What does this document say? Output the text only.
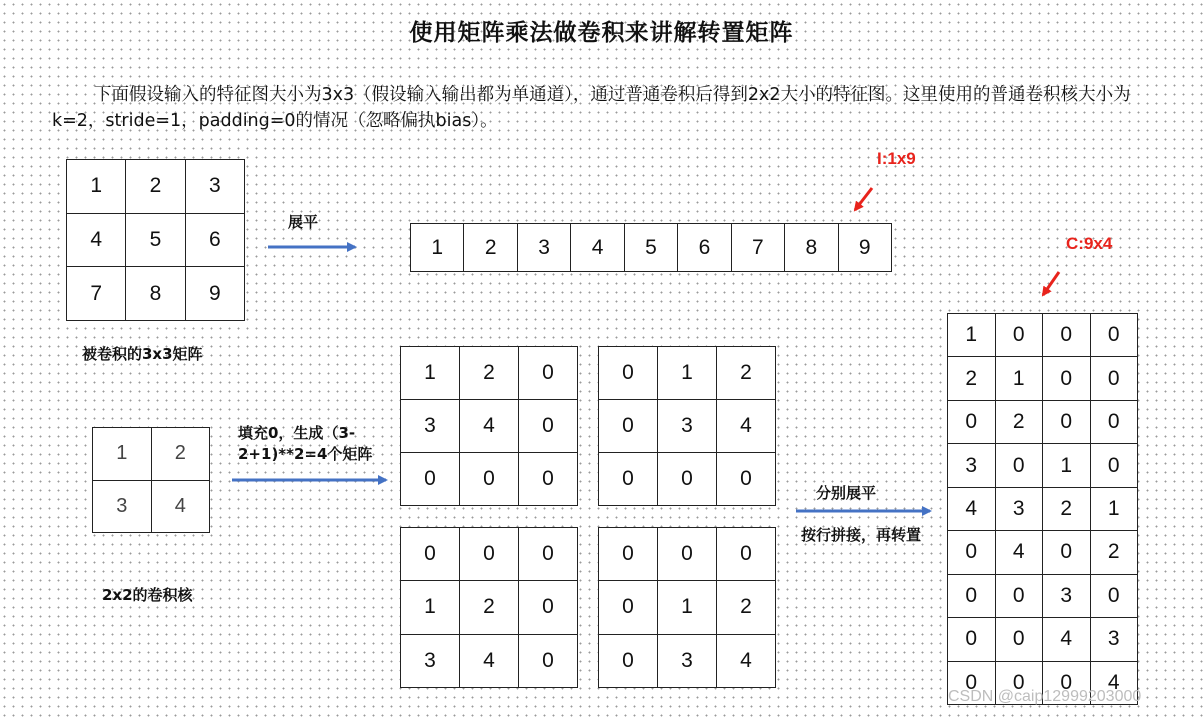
使用矩阵乘法做卷积来讲解转置矩阵
下面假设输入的特征图大小为3x3（假设输入输出都为单通道），通过普通卷积后得到2x2大小的特征图。这里使用的普通卷积核大小为k=2，stride=1，padding=0的情况（忽略偏执bias）。
1	2	3
4	5	6
7	8	9
被卷积的3x3矩阵
展平
1	2	3	4	5	6	7	8	9
I:1x9
1	2
3	4
2x2的卷积核
填充0，生成（3-2+1)**2=4个矩阵
1	2	0
3	4	0
0	0	0
0	1	2
0	3	4
0	0	0
0	0	0
1	2	0
3	4	0
0	0	0
0	1	2
0	3	4
分别展平
按行拼接，再转置
1	0	0	0
2	1	0	0
0	2	0	0
3	0	1	0
4	3	2	1
0	4	0	2
0	0	3	0
0	0	4	3
0	0	0	4
C:9x4
CSDN @caip12999203000
